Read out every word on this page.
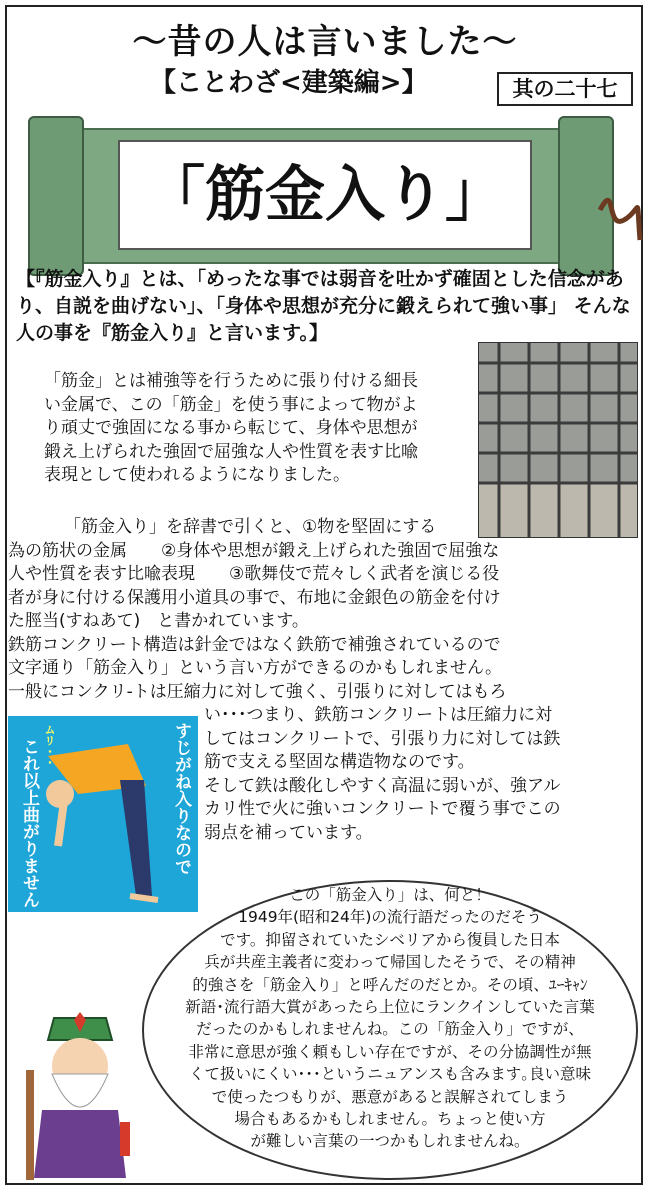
～昔の人は言いました～
【ことわざ<建築編>】	其の二十七
「筋金入り」

【『筋金入り』とは、「めったな事では弱音を吐かず確固とした信念があり、自説を曲げない」、「身体や思想が充分に鍛えられて強い事」 そんな人の事を『筋金入り』と言います。】

「筋金」とは補強等を行うために張り付ける細長
い金属で、この「筋金」を使う事によって物がよ
り頑丈で強固になる事から転じて、身体や思想が
鍛え上げられた強固で屈強な人や性質を表す比喩
表現として使われるようになりました。
「筋金入り」を辞書で引くと、①物を堅固にする
為の筋状の金属　　②身体や思想が鍛え上げられた強固で屈強な
人や性質を表す比喩表現　　③歌舞伎で荒々しく武者を演じる役
者が身に付ける保護用小道具の事で、布地に金銀色の筋金を付け
た脛当(すねあて)　と書かれています。
鉄筋コンクリート構造は針金ではなく鉄筋で補強されているので
文字通り「筋金入り」という言い方ができるのかもしれません。
一般にコンクリ-トは圧縮力に対して強く、引張りに対してはもろ
ムリ・・
これ以上曲がりません	すじがね入りなので
い･･･つまり、鉄筋コンクリートは圧縮力に対
してはコンクリートで、引張り力に対しては鉄
筋で支える堅固な構造物なのです。
そして鉄は酸化しやすく高温に弱いが、強アル
カリ性で火に強いコンクリートで覆う事でこの
弱点を補っています。
この「筋金入り」は、何と！
1949年(昭和24年)の流行語だったのだそう
です。抑留されていたシベリアから復員した日本
兵が共産主義者に変わって帰国したそうで、その精神
的強さを「筋金入り」と呼んだのだとか。その頃、ﾕｰｷｬﾝ
新語･流行語大賞があったら上位にランクインしていた言葉
だったのかもしれませんね。この「筋金入り」ですが、
非常に意思が強く頼もしい存在ですが、その分協調性が無
くて扱いにくい･･･というニュアンスも含みます｡良い意味
で使ったつもりが、悪意があると誤解されてしまう
場合もあるかもしれません。ちょっと使い方
が難しい言葉の一つかもしれませんね。
